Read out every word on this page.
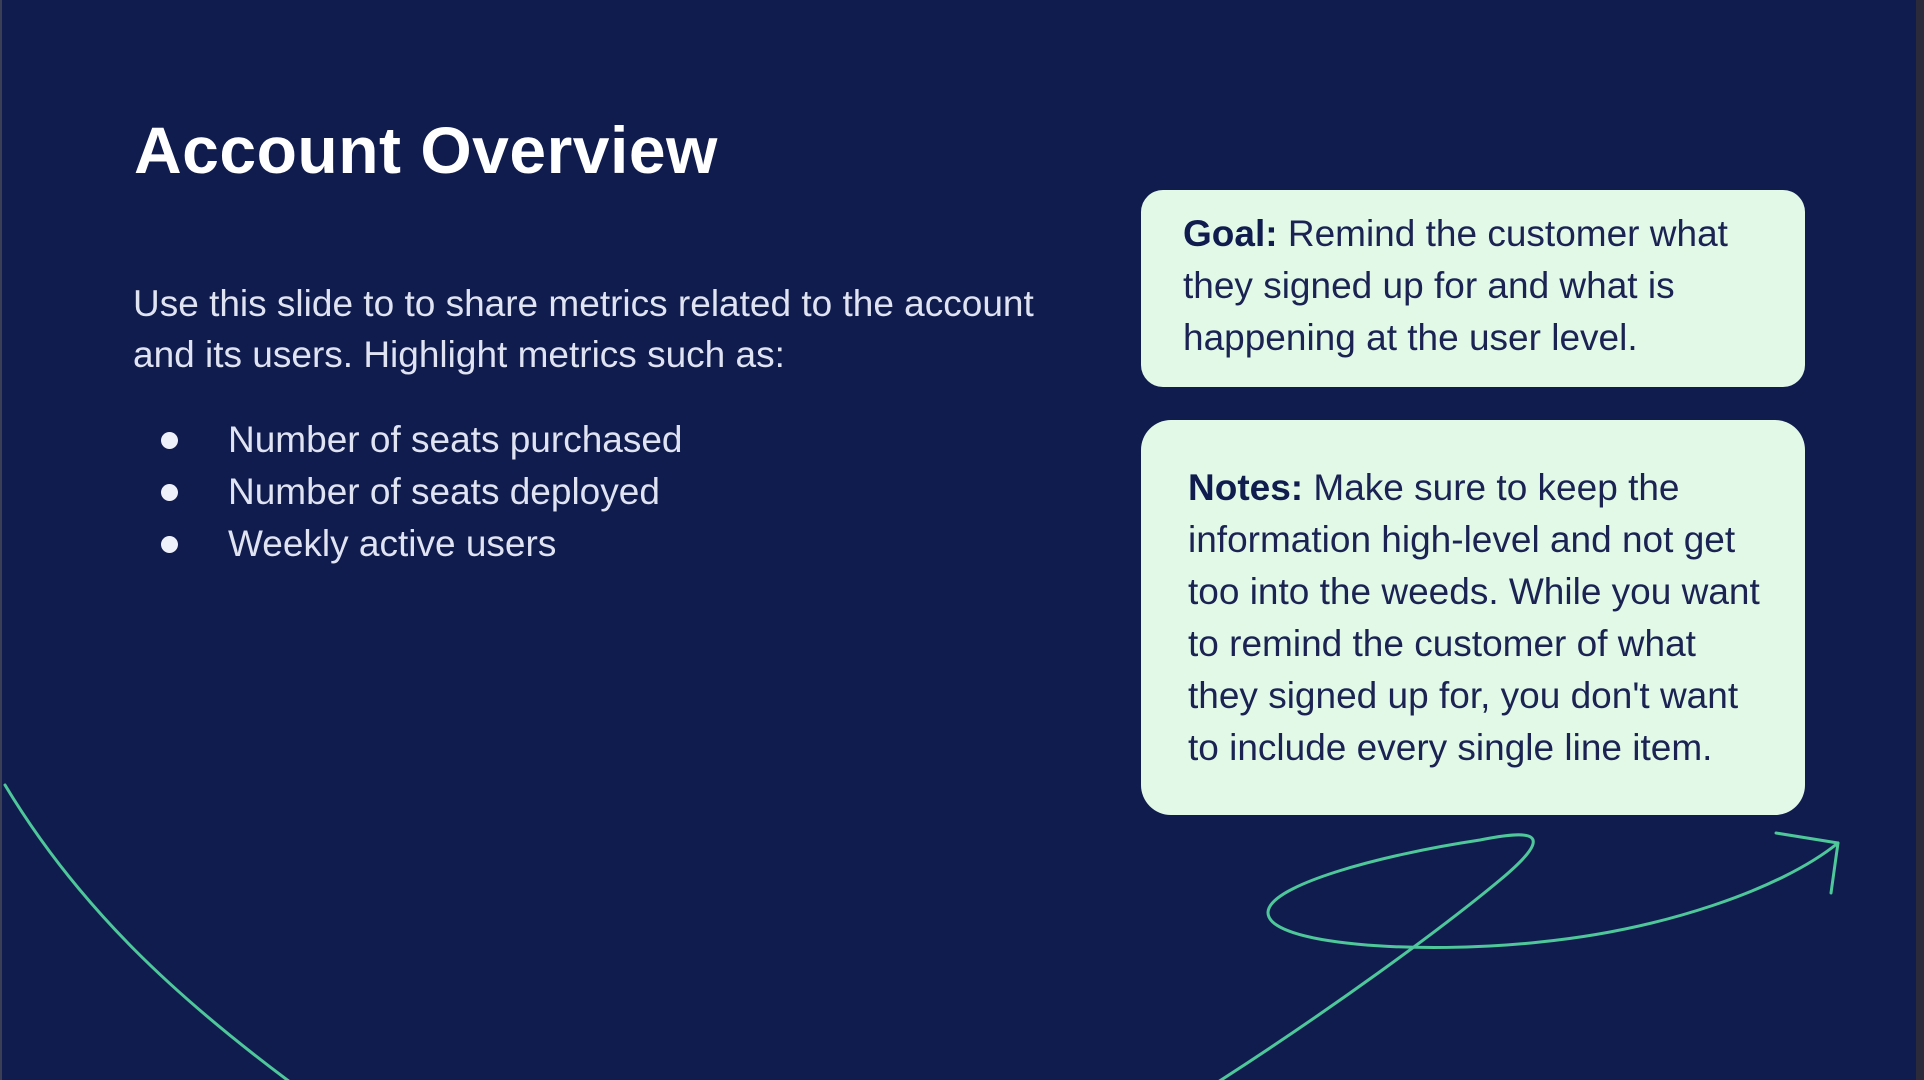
Account Overview

Use this slide to to share metrics related to the account and its users. Highlight metrics such as:

Number of seats purchased
Number of seats deployed
Weekly active users
Goal: Remind the customer what they signed up for and what is happening at the user level.
Notes: Make sure to keep the information high-level and not get too into the weeds. While you want to remind the customer of what they signed up for, you don't want to include every single line item.
